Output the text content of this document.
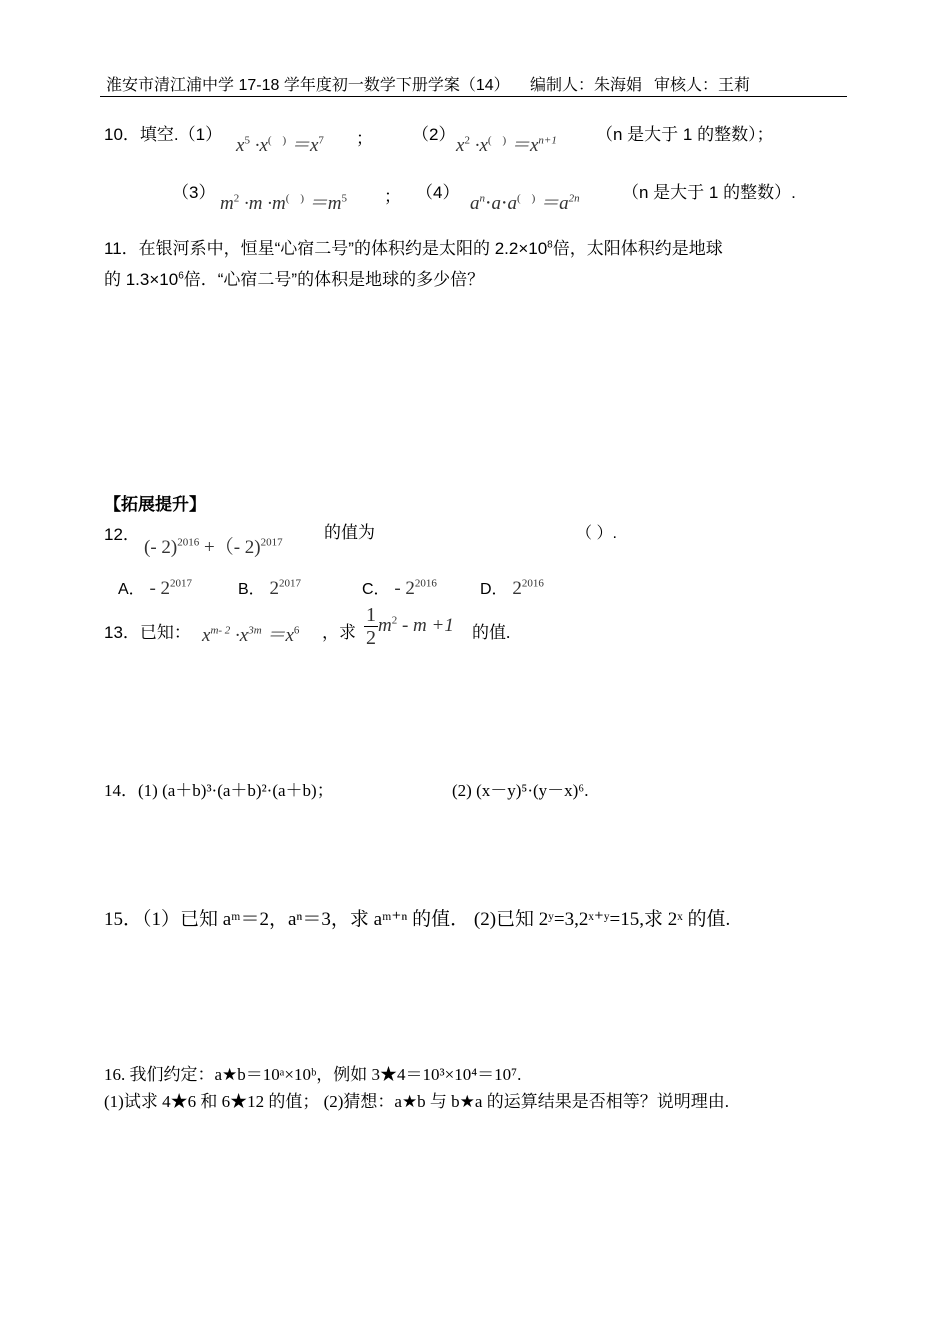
淮安市清江浦中学 17-18 学年度初一数学下册学案（14） 编制人：朱海娟 审核人：王莉
10．填空.（1）
$x^5 \cdot x^{( )} =x^7$ ； （2）
$x^2 \cdot x^{( )} =x^{n+1}$ （n 是大于 1 的整数）；
（3）
$m^2 \cdot m \cdot m^{( )} =m^5$ ； （4）
$a^n\cdot a\cdot a^{( )} =a^{2n}$ （n 是大于 1 的整数）.
11．在银河系中，恒星“心宿二号”的体积约是太阳的 $2.2\times 10^8$倍，太阳体积约是地球
的 $1.3\times 10^6$倍．“心宿二号”的体积是地球的多少倍？
【拓展提升】
12．
(- 2)$^{2016}$ +（- 2)$^{2017}$
的值为	（ ）.
A． - $2^{2017}$	B． $2^{2017}$	C． - $2^{2016}$	D． $2^{2016}$
13．已知： $x^{m- 2} \cdot x^{3m} =x^6$ ，求 $\frac{1}{2} m^2 - m +1$ 的值.
14．(1) (a＋b)³·(a＋b)²·(a＋b)；	(2) (x－y)⁵·(y－x)⁶.
15．（1）已知 aᵐ＝2，aⁿ＝3，求 aᵐ⁺ⁿ 的值． (2)已知 2ʸ=3,2ˣ⁺ʸ=15,求 2ˣ 的值.
16. 我们约定：a★b＝10ᵃ×10ᵇ，例如 3★4＝10³×10⁴＝10⁷.
(1)试求 4★6 和 6★12 的值； (2)猜想：a★b 与 b★a 的运算结果是否相等？说明理由.
